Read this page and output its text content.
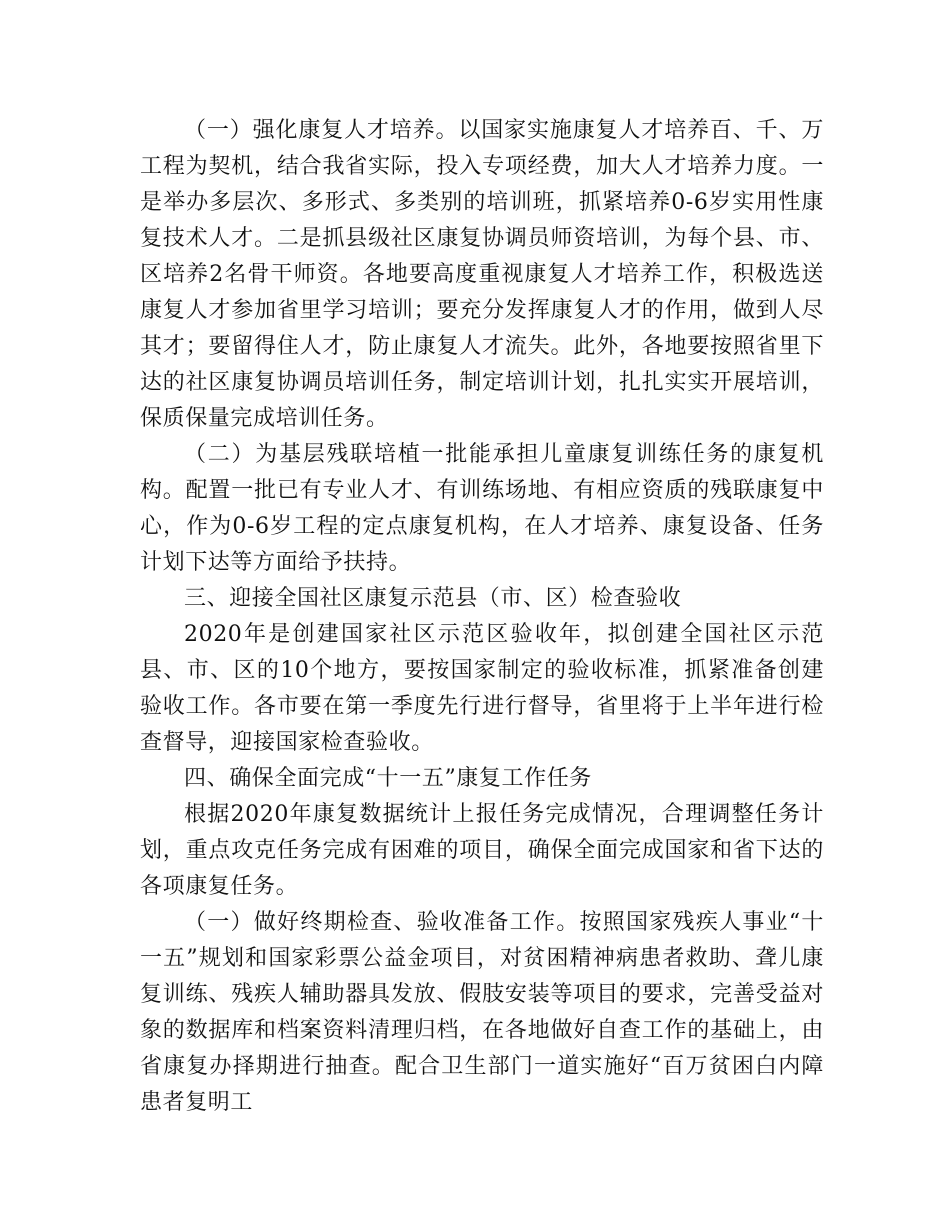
（一）强化康复人才培养。以国家实施康复人才培养百、千、万工程为契机，结合我省实际，投入专项经费，加大人才培养力度。一是举办多层次、多形式、多类别的培训班，抓紧培养0-6岁实用性康复技术人才。二是抓县级社区康复协调员师资培训，为每个县、市、区培养2名骨干师资。各地要高度重视康复人才培养工作，积极选送康复人才参加省里学习培训；要充分发挥康复人才的作用，做到人尽其才；要留得住人才，防止康复人才流失。此外，各地要按照省里下达的社区康复协调员培训任务，制定培训计划，扎扎实实开展培训，保质保量完成培训任务。

（二）为基层残联培植一批能承担儿童康复训练任务的康复机构。配置一批已有专业人才、有训练场地、有相应资质的残联康复中心，作为0-6岁工程的定点康复机构，在人才培养、康复设备、任务计划下达等方面给予扶持。

三、迎接全国社区康复示范县（市、区）检查验收

2020年是创建国家社区示范区验收年，拟创建全国社区示范县、市、区的10个地方，要按国家制定的验收标准，抓紧准备创建验收工作。各市要在第一季度先行进行督导，省里将于上半年进行检查督导，迎接国家检查验收。

四、确保全面完成“十一五”康复工作任务

根据2020年康复数据统计上报任务完成情况，合理调整任务计划，重点攻克任务完成有困难的项目，确保全面完成国家和省下达的各项康复任务。

（一）做好终期检查、验收准备工作。按照国家残疾人事业“十一五”规划和国家彩票公益金项目，对贫困精神病患者救助、聋儿康复训练、残疾人辅助器具发放、假肢安装等项目的要求，完善受益对象的数据库和档案资料清理归档，在各地做好自查工作的基础上，由省康复办择期进行抽查。配合卫生部门一道实施好“百万贫困白内障患者复明工
